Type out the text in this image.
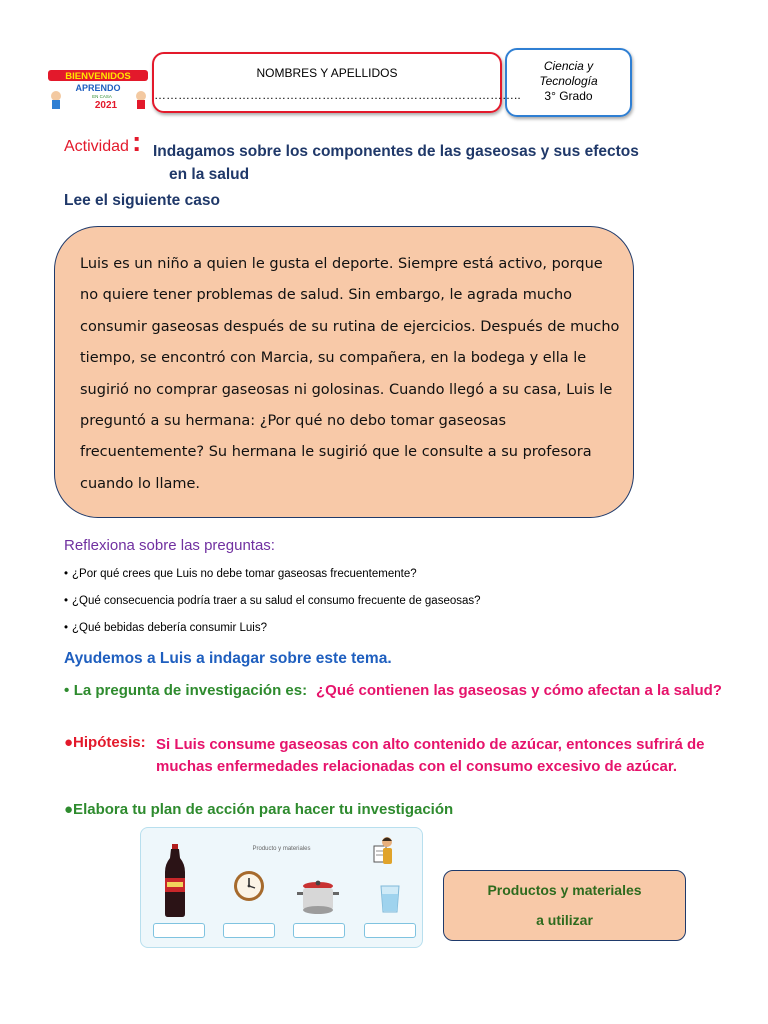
BIENVENIDOS
APRENDO
EN CASA
2021
NOMBRES Y APELLIDOS
………………………………………………………………………………..
Ciencia y
Tecnología
3° Grado
Actividad : Indagamos sobre los componentes de las gaseosas y sus efectos
en la salud
Lee el siguiente caso

Luis es un niño a quien le gusta el deporte. Siempre está activo, porque no quiere tener problemas de salud. Sin embargo, le agrada mucho consumir gaseosas después de su rutina de ejercicios. Después de mucho tiempo, se encontró con Marcia, su compañera, en la bodega y ella le sugirió no comprar gaseosas ni golosinas. Cuando llegó a su casa, Luis le preguntó a su hermana: ¿Por qué no debo tomar gaseosas frecuentemente? Su hermana le sugirió que le consulte a su profesora cuando lo llame.

Reflexiona sobre las preguntas:
• ¿Por qué crees que Luis no debe tomar gaseosas frecuentemente?
• ¿Qué consecuencia podría traer a su salud el consumo frecuente de gaseosas?
• ¿Qué bebidas debería consumir Luis?
Ayudemos a Luis a indagar sobre este tema.
• La pregunta de investigación es: ¿Qué contienen las gaseosas y cómo afectan a la salud?
●Hipótesis: Si Luis consume gaseosas con alto contenido de azúcar, entonces sufrirá de muchas enfermedades relacionadas con el consumo excesivo de azúcar.
●Elabora tu plan de acción para hacer tu investigación
Producto y materiales
Productos y materiales
a utilizar
